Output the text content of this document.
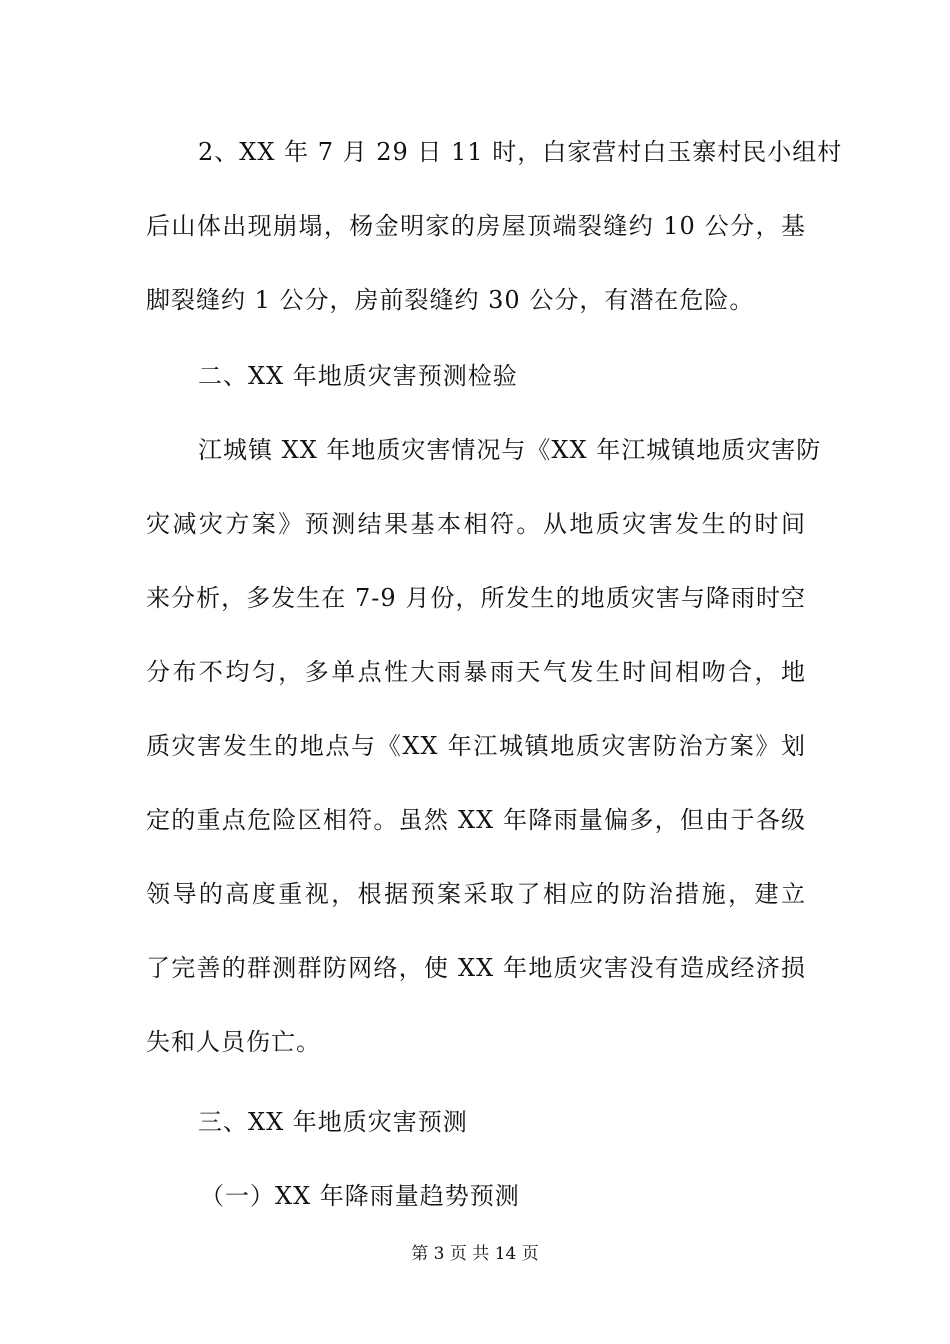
2、XX 年 7 月 29 日 11 时，白家营村白玉寨村民小组村
后山体出现崩塌，杨金明家的房屋顶端裂缝约 10 公分，基
脚裂缝约 1 公分，房前裂缝约 30 公分，有潜在危险。
二、XX 年地质灾害预测检验
江城镇 XX 年地质灾害情况与《XX 年江城镇地质灾害防
灾减灾方案》预测结果基本相符。从地质灾害发生的时间
来分析，多发生在 7-9 月份，所发生的地质灾害与降雨时空
分布不均匀，多单点性大雨暴雨天气发生时间相吻合，地
质灾害发生的地点与《XX 年江城镇地质灾害防治方案》划
定的重点危险区相符。虽然 XX 年降雨量偏多，但由于各级
领导的高度重视，根据预案采取了相应的防治措施，建立
了完善的群测群防网络，使 XX 年地质灾害没有造成经济损
失和人员伤亡。
三、XX 年地质灾害预测
（一）XX 年降雨量趋势预测
第 3 页 共 14 页
